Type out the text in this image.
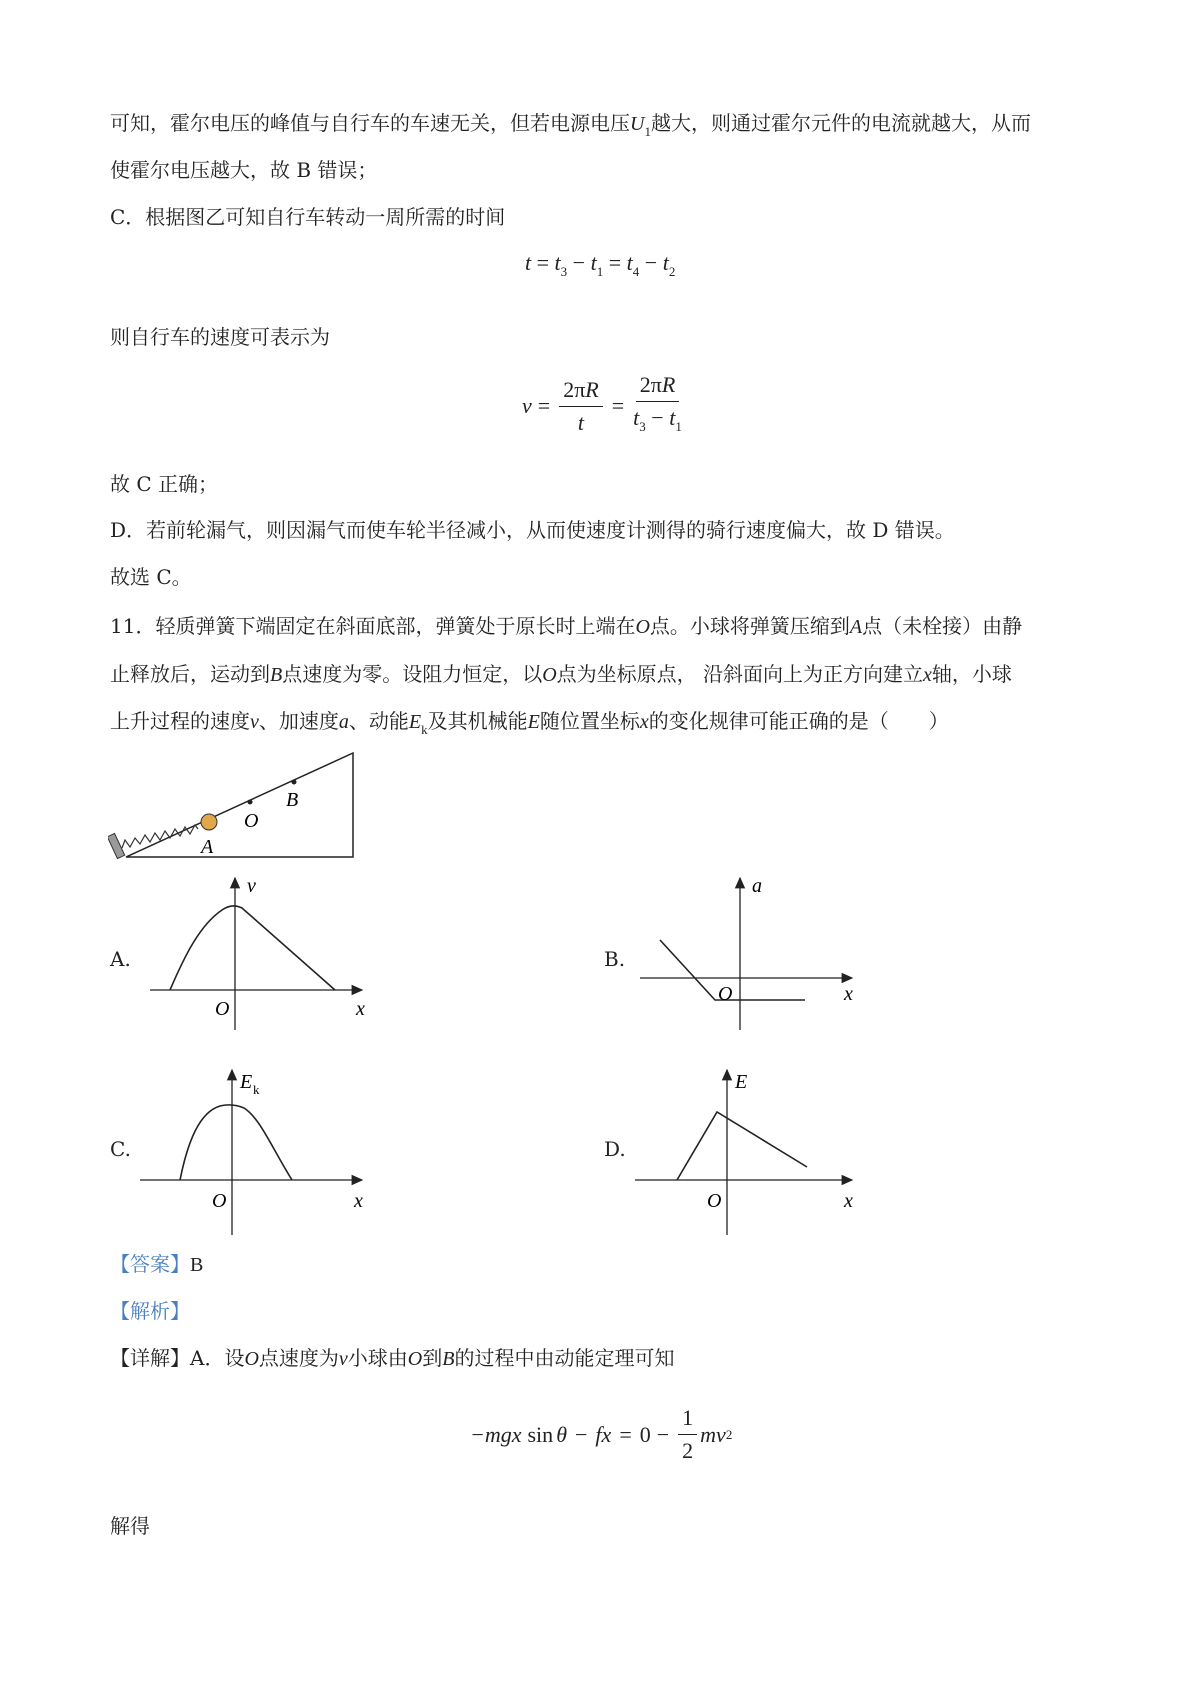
可知，霍尔电压的峰值与自行车的车速无关，但若电源电压$U_1$越大，则通过霍尔元件的电流就越大，从而
使霍尔电压越大，故 B 错误；
C．根据图乙可知自行车转动一周所需的时间
$t = t_3 - t_1 = t_4 - t_2$
则自行车的速度可表示为
$v = \frac{2\pi R}{t} = \frac{2\pi R}{t_3 - t_1}$
故 C 正确；
D．若前轮漏气，则因漏气而使车轮半径减小，从而使速度计测得的骑行速度偏大，故 D 错误。
故选 C。
11．轻质弹簧下端固定在斜面底部，弹簧处于原长时上端在O点。小球将弹簧压缩到A点（未栓接）由静
止释放后，运动到B点速度为零。设阻力恒定，以O点为坐标原点， 沿斜面向上为正方向建立x轴，小球
上升过程的速度v、加速度a、动能$E_k$及其机械能E随位置坐标x的变化规律可能正确的是（　　）
A
O
B
A.
v
x
O
B.
a
x
O
C.
E k
x
O
D.
E
x
O
【答案】B
【解析】
【详解】A．设O点速度为v小球由O到B的过程中由动能定理可知
−mgx sin θ − fx = $0 - \frac{1}{2}$ mv 2
解得
